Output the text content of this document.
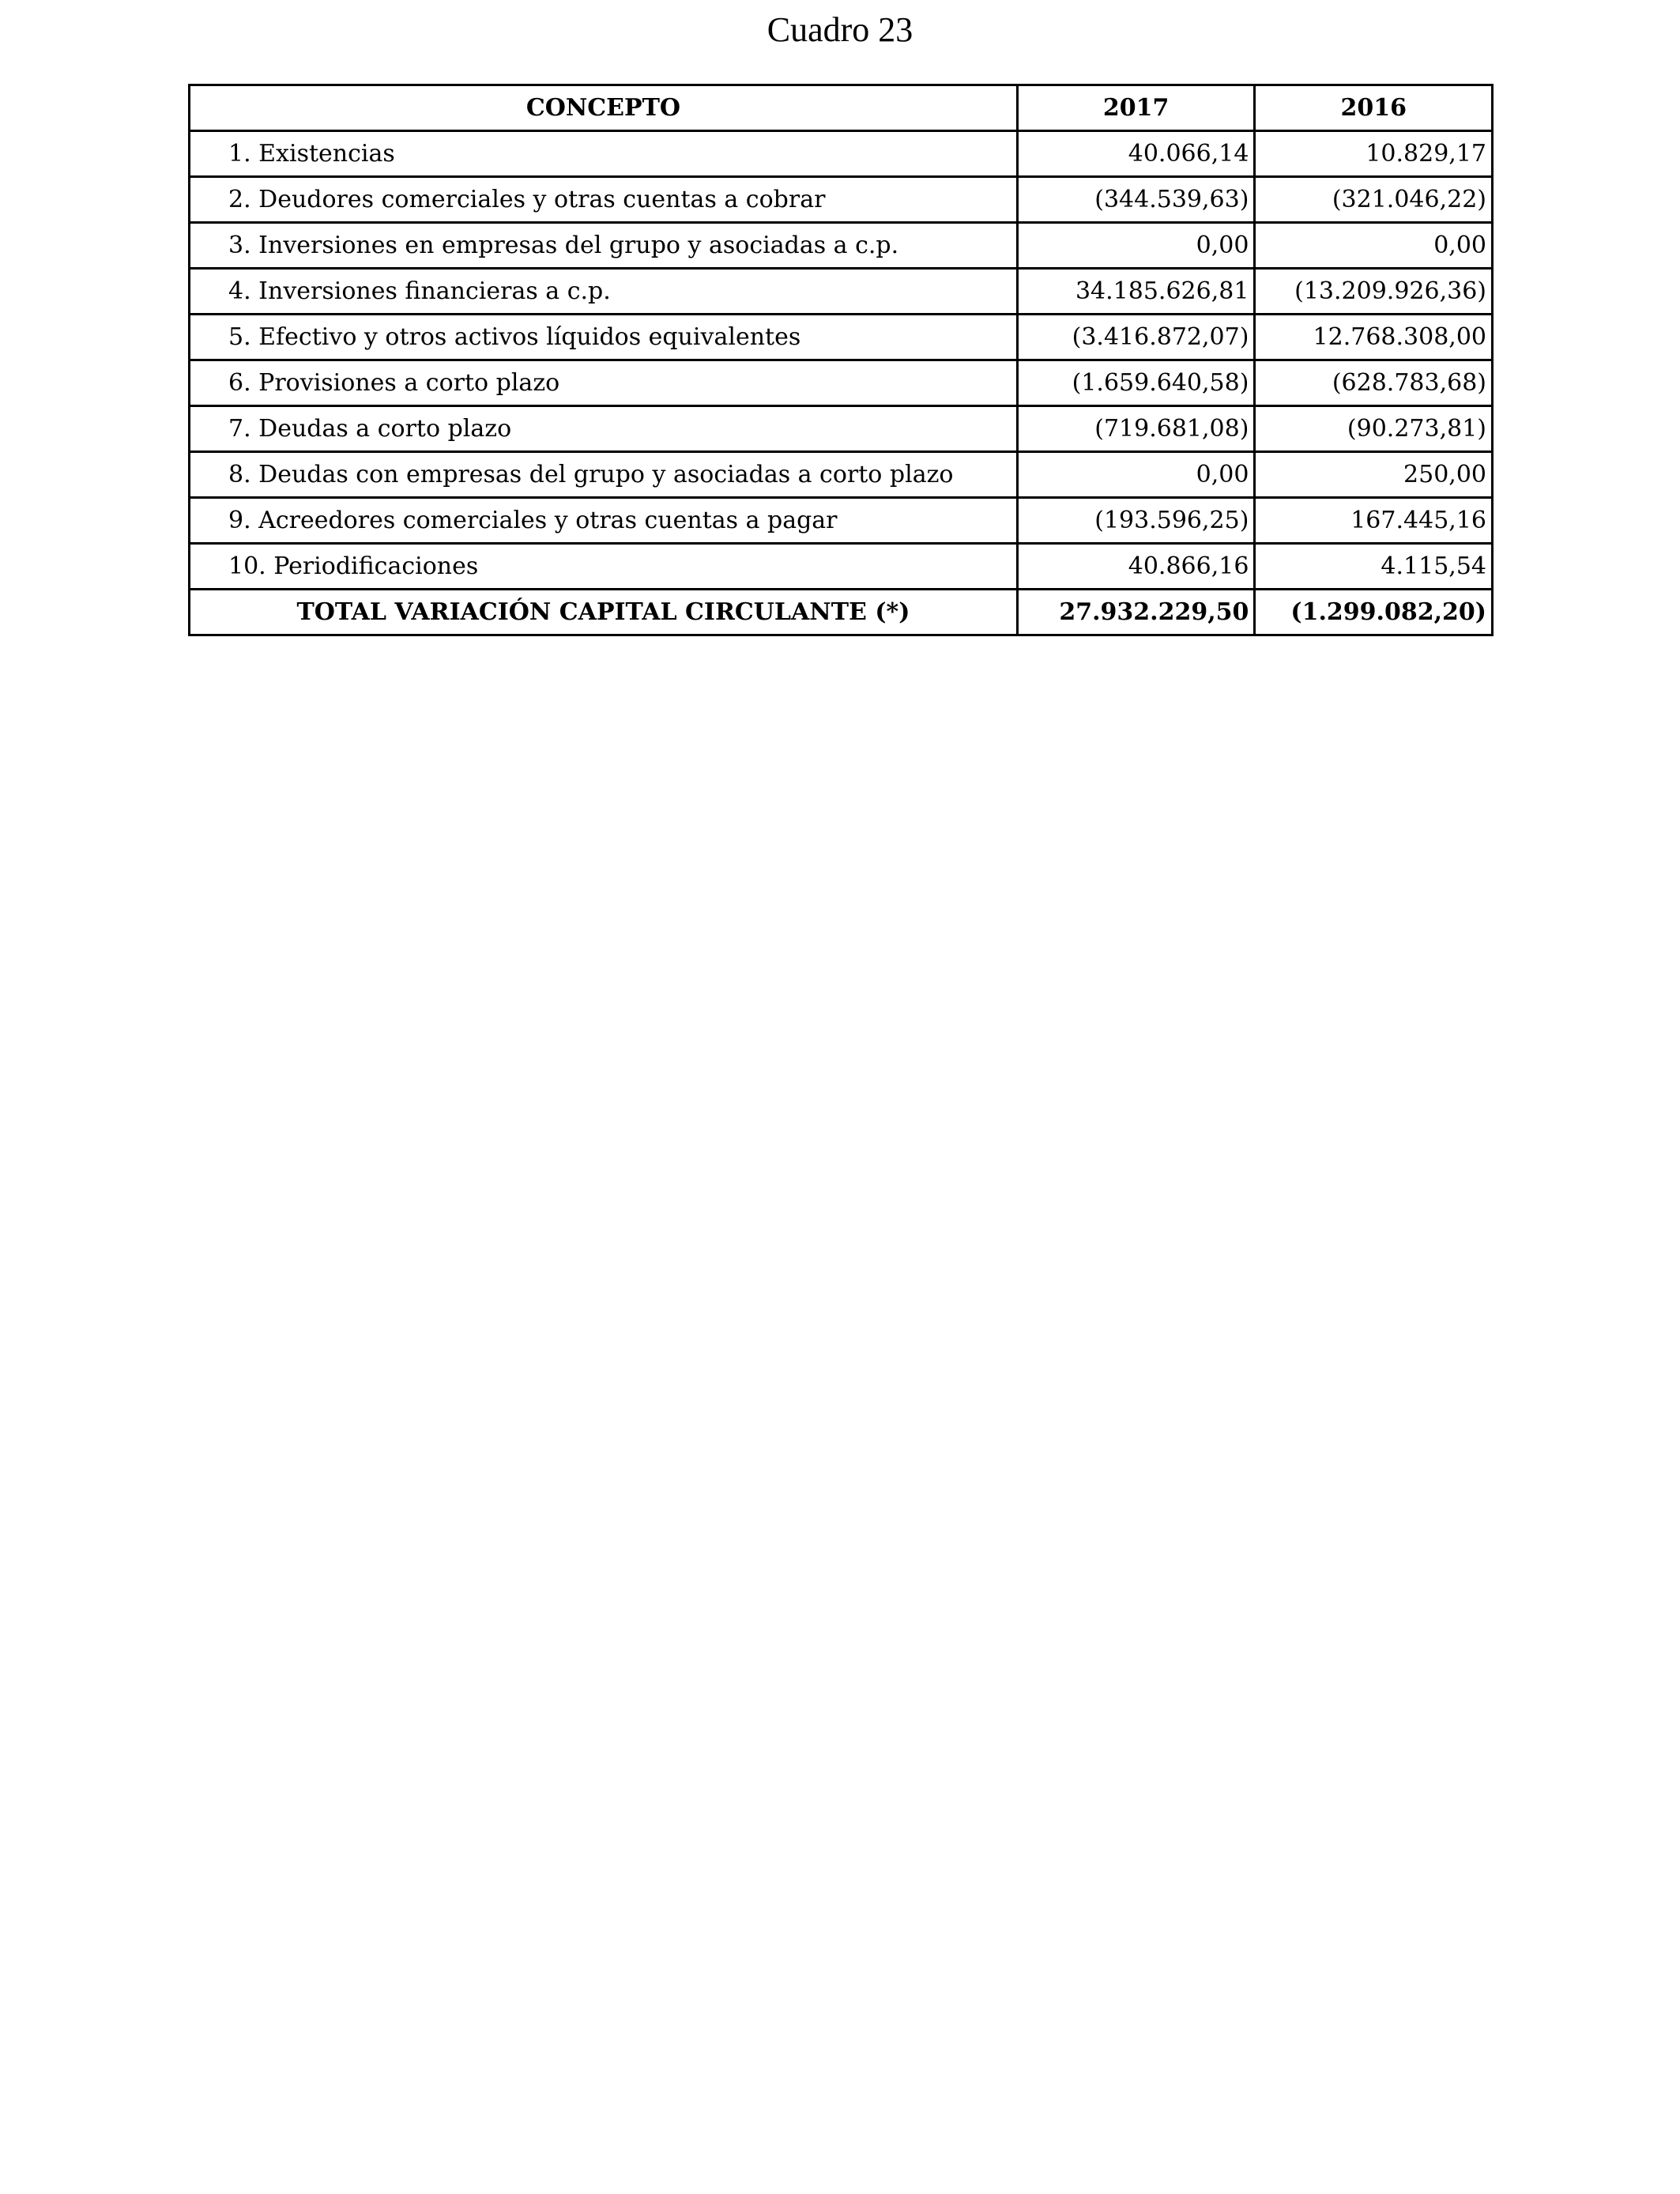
Cuadro 23
CONCEPTO	2017	2016
1. Existencias	40.066,14	10.829,17
2. Deudores comerciales y otras cuentas a cobrar	(344.539,63)	(321.046,22)
3. Inversiones en empresas del grupo y asociadas a c.p.	0,00	0,00
4. Inversiones financieras a c.p.	34.185.626,81	(13.209.926,36)
5. Efectivo y otros activos líquidos equivalentes	(3.416.872,07)	12.768.308,00
6. Provisiones a corto plazo	(1.659.640,58)	(628.783,68)
7. Deudas a corto plazo	(719.681,08)	(90.273,81)
8. Deudas con empresas del grupo y asociadas a corto plazo	0,00	250,00
9. Acreedores comerciales y otras cuentas a pagar	(193.596,25)	167.445,16
10. Periodificaciones	40.866,16	4.115,54
TOTAL VARIACIÓN CAPITAL CIRCULANTE (*)	27.932.229,50	(1.299.082,20)
